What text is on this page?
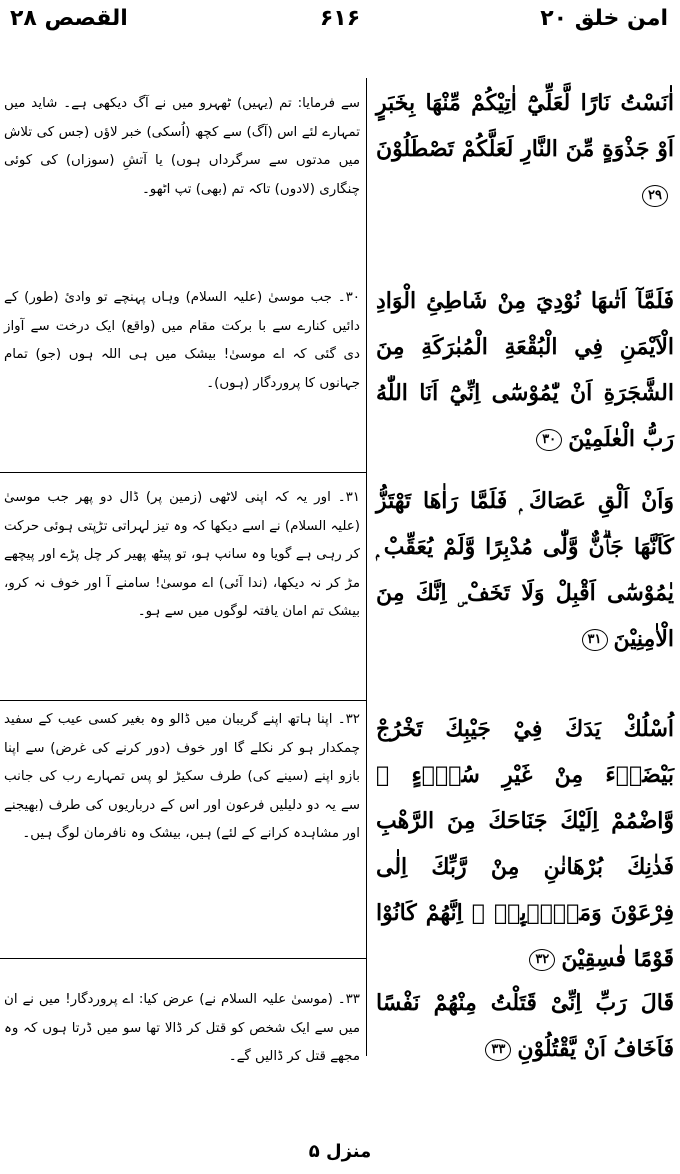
امن خلق ۲۰
۶۱۶
القصص ۲۸
اٰنَسْتُ نَارًا لَّعَلِّيْٓ اٰتِيْكُمْ مِّنْهَا بِخَبَرٍ اَوْ جَذْوَةٍ مِّنَ النَّارِ لَعَلَّكُمْ تَصْطَلُوْنَ۲۹
فَلَمَّآ اَتٰىهَا نُوْدِيَ مِنْ شَاطِئِ الْوَادِ الْاَيْمَنِ فِي الْبُقْعَةِ الْمُبٰرَكَةِ مِنَ الشَّجَرَةِ اَنْ يّٰمُوْسٰٓى اِنِّيْٓ اَنَا اللّٰهُ رَبُّ الْعٰلَمِيْنَ۳۰
وَاَنْ اَلْقِ عَصَاكَ ۭ فَلَمَّا رَاٰهَا تَهْتَزُّ كَاَنَّهَا جَاۗنٌّ وَّلّٰى مُدْبِرًا وَّلَمْ يُعَقِّبْ ۭ يٰمُوْسٰٓى اَقْبِلْ وَلَا تَخَفْ ۣ اِنَّكَ مِنَ الْاٰمِنِيْنَ۳۱
اُسْلُكْ يَدَكَ فِيْ جَيْبِكَ تَخْرُجْ بَيْضَاۗءَ مِنْ غَيْرِ سُوْۗءٍ ۡ وَّاضْمُمْ اِلَيْكَ جَنَاحَكَ مِنَ الرَّهْبِ فَذٰنِكَ بُرْهَانٰنِ مِنْ رَّبِّكَ اِلٰى فِرْعَوْنَ وَمَلَا۟ىِٕهٖ ۭ اِنَّهُمْ كَانُوْا قَوْمًا فٰسِقِيْنَ۳۲
قَالَ رَبِّ اِنِّىْ قَتَلْتُ مِنْهُمْ نَفْسًا فَاَخَافُ اَنْ يَّقْتُلُوْنِ۳۳
سے فرمایا: تم (یہیں) ٹھہرو میں نے آگ دیکھی ہے۔ شاید میں تمہارے لئے اس (آگ) سے کچھ (اُسکی) خبر لاؤں (جس کی تلاش میں مدتوں سے سرگرداں ہوں) یا آتشِ (سوزاں) کی کوئی چنگاری (لادوں) تاکہ تم (بھی) تپ اٹھو۔
۳۰۔ جب موسیٰ (علیہ السلام) وہاں پہنچے تو وادیٔ (طور) کے دائیں کنارے سے با برکت مقام میں (واقع) ایک درخت سے آواز دی گئی کہ اے موسیٰ! بیشک میں ہی اللہ ہوں (جو) تمام جہانوں کا پروردگار (ہوں)۔
۳۱۔ اور یہ کہ اپنی لاٹھی (زمین پر) ڈال دو پھر جب موسیٰ (علیہ السلام) نے اسے دیکھا کہ وہ تیز لہراتی تڑپتی ہوئی حرکت کر رہی ہے گویا وہ سانپ ہو، تو پیٹھ پھیر کر چل پڑے اور پیچھے مڑ کر نہ دیکھا، (ندا آئی) اے موسیٰ! سامنے آ اور خوف نہ کرو، بیشک تم امان یافتہ لوگوں میں سے ہو۔
۳۲۔ اپنا ہاتھ اپنے گریبان میں ڈالو وہ بغیر کسی عیب کے سفید چمکدار ہو کر نکلے گا اور خوف (دور کرنے کی غرض) سے اپنا بازو اپنے (سینے کی) طرف سکیڑ لو پس تمہارے رب کی جانب سے یہ دو دلیلیں فرعون اور اس کے درباریوں کی طرف (بھیجنے اور مشاہدہ کرانے کے لئے) ہیں، بیشک وہ نافرمان لوگ ہیں۔
۳۳۔ (موسیٰ علیہ السلام نے) عرض کیا: اے پروردگار! میں نے ان میں سے ایک شخص کو قتل کر ڈالا تھا سو میں ڈرتا ہوں کہ وہ مجھے قتل کر ڈالیں گے۔
منزل ۵
